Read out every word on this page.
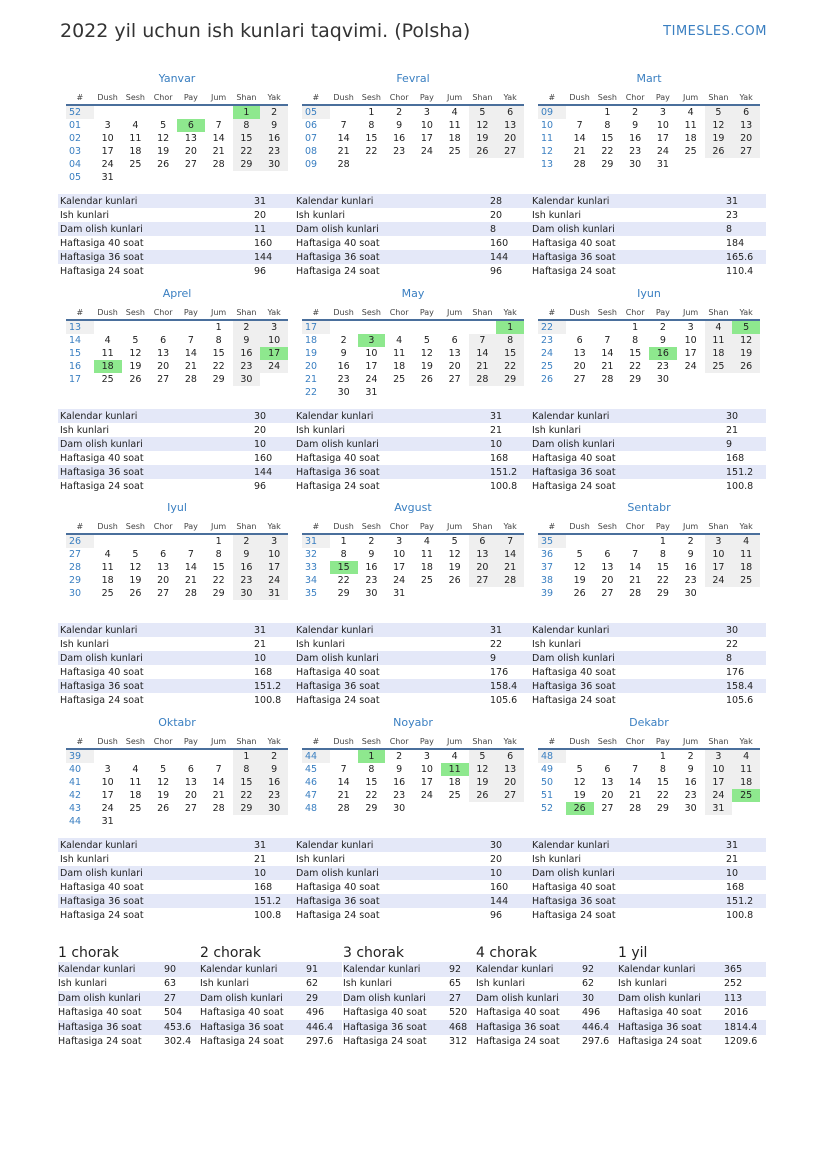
2022 yil uchun ish kunlari taqvimi. (Polsha)	TIMESLES.COM
Yanvar
#	Dush	Sesh	Chor	Pay	Jum	Shan	Yak
52						1	2
01	3	4	5	6	7	8	9
02	10	11	12	13	14	15	16
03	17	18	19	20	21	22	23
04	24	25	26	27	28	29	30
05	31						
Kalendar kunlari	31
Ish kunlari	20
Dam olish kunlari	11
Haftasiga 40 soat	160
Haftasiga 36 soat	144
Haftasiga 24 soat	96
Fevral
#	Dush	Sesh	Chor	Pay	Jum	Shan	Yak
05		1	2	3	4	5	6
06	7	8	9	10	11	12	13
07	14	15	16	17	18	19	20
08	21	22	23	24	25	26	27
09	28						
Kalendar kunlari	28
Ish kunlari	20
Dam olish kunlari	8
Haftasiga 40 soat	160
Haftasiga 36 soat	144
Haftasiga 24 soat	96
Mart
#	Dush	Sesh	Chor	Pay	Jum	Shan	Yak
09		1	2	3	4	5	6
10	7	8	9	10	11	12	13
11	14	15	16	17	18	19	20
12	21	22	23	24	25	26	27
13	28	29	30	31			
Kalendar kunlari	31
Ish kunlari	23
Dam olish kunlari	8
Haftasiga 40 soat	184
Haftasiga 36 soat	165.6
Haftasiga 24 soat	110.4
Aprel
#	Dush	Sesh	Chor	Pay	Jum	Shan	Yak
13					1	2	3
14	4	5	6	7	8	9	10
15	11	12	13	14	15	16	17
16	18	19	20	21	22	23	24
17	25	26	27	28	29	30	
Kalendar kunlari	30
Ish kunlari	20
Dam olish kunlari	10
Haftasiga 40 soat	160
Haftasiga 36 soat	144
Haftasiga 24 soat	96
May
#	Dush	Sesh	Chor	Pay	Jum	Shan	Yak
17							1
18	2	3	4	5	6	7	8
19	9	10	11	12	13	14	15
20	16	17	18	19	20	21	22
21	23	24	25	26	27	28	29
22	30	31					
Kalendar kunlari	31
Ish kunlari	21
Dam olish kunlari	10
Haftasiga 40 soat	168
Haftasiga 36 soat	151.2
Haftasiga 24 soat	100.8
Iyun
#	Dush	Sesh	Chor	Pay	Jum	Shan	Yak
22			1	2	3	4	5
23	6	7	8	9	10	11	12
24	13	14	15	16	17	18	19
25	20	21	22	23	24	25	26
26	27	28	29	30			
Kalendar kunlari	30
Ish kunlari	21
Dam olish kunlari	9
Haftasiga 40 soat	168
Haftasiga 36 soat	151.2
Haftasiga 24 soat	100.8
Iyul
#	Dush	Sesh	Chor	Pay	Jum	Shan	Yak
26					1	2	3
27	4	5	6	7	8	9	10
28	11	12	13	14	15	16	17
29	18	19	20	21	22	23	24
30	25	26	27	28	29	30	31
Kalendar kunlari	31
Ish kunlari	21
Dam olish kunlari	10
Haftasiga 40 soat	168
Haftasiga 36 soat	151.2
Haftasiga 24 soat	100.8
Avgust
#	Dush	Sesh	Chor	Pay	Jum	Shan	Yak
31	1	2	3	4	5	6	7
32	8	9	10	11	12	13	14
33	15	16	17	18	19	20	21
34	22	23	24	25	26	27	28
35	29	30	31				
Kalendar kunlari	31
Ish kunlari	22
Dam olish kunlari	9
Haftasiga 40 soat	176
Haftasiga 36 soat	158.4
Haftasiga 24 soat	105.6
Sentabr
#	Dush	Sesh	Chor	Pay	Jum	Shan	Yak
35				1	2	3	4
36	5	6	7	8	9	10	11
37	12	13	14	15	16	17	18
38	19	20	21	22	23	24	25
39	26	27	28	29	30		
Kalendar kunlari	30
Ish kunlari	22
Dam olish kunlari	8
Haftasiga 40 soat	176
Haftasiga 36 soat	158.4
Haftasiga 24 soat	105.6
Oktabr
#	Dush	Sesh	Chor	Pay	Jum	Shan	Yak
39						1	2
40	3	4	5	6	7	8	9
41	10	11	12	13	14	15	16
42	17	18	19	20	21	22	23
43	24	25	26	27	28	29	30
44	31						
Kalendar kunlari	31
Ish kunlari	21
Dam olish kunlari	10
Haftasiga 40 soat	168
Haftasiga 36 soat	151.2
Haftasiga 24 soat	100.8
Noyabr
#	Dush	Sesh	Chor	Pay	Jum	Shan	Yak
44		1	2	3	4	5	6
45	7	8	9	10	11	12	13
46	14	15	16	17	18	19	20
47	21	22	23	24	25	26	27
48	28	29	30				
Kalendar kunlari	30
Ish kunlari	20
Dam olish kunlari	10
Haftasiga 40 soat	160
Haftasiga 36 soat	144
Haftasiga 24 soat	96
Dekabr
#	Dush	Sesh	Chor	Pay	Jum	Shan	Yak
48				1	2	3	4
49	5	6	7	8	9	10	11
50	12	13	14	15	16	17	18
51	19	20	21	22	23	24	25
52	26	27	28	29	30	31	
Kalendar kunlari	31
Ish kunlari	21
Dam olish kunlari	10
Haftasiga 40 soat	168
Haftasiga 36 soat	151.2
Haftasiga 24 soat	100.8
1 chorak
Kalendar kunlari	90
Ish kunlari	63
Dam olish kunlari	27
Haftasiga 40 soat	504
Haftasiga 36 soat	453.6
Haftasiga 24 soat	302.4
2 chorak
Kalendar kunlari	91
Ish kunlari	62
Dam olish kunlari	29
Haftasiga 40 soat	496
Haftasiga 36 soat	446.4
Haftasiga 24 soat	297.6
3 chorak
Kalendar kunlari	92
Ish kunlari	65
Dam olish kunlari	27
Haftasiga 40 soat	520
Haftasiga 36 soat	468
Haftasiga 24 soat	312
4 chorak
Kalendar kunlari	92
Ish kunlari	62
Dam olish kunlari	30
Haftasiga 40 soat	496
Haftasiga 36 soat	446.4
Haftasiga 24 soat	297.6
1 yil
Kalendar kunlari	365
Ish kunlari	252
Dam olish kunlari	113
Haftasiga 40 soat	2016
Haftasiga 36 soat	1814.4
Haftasiga 24 soat	1209.6
